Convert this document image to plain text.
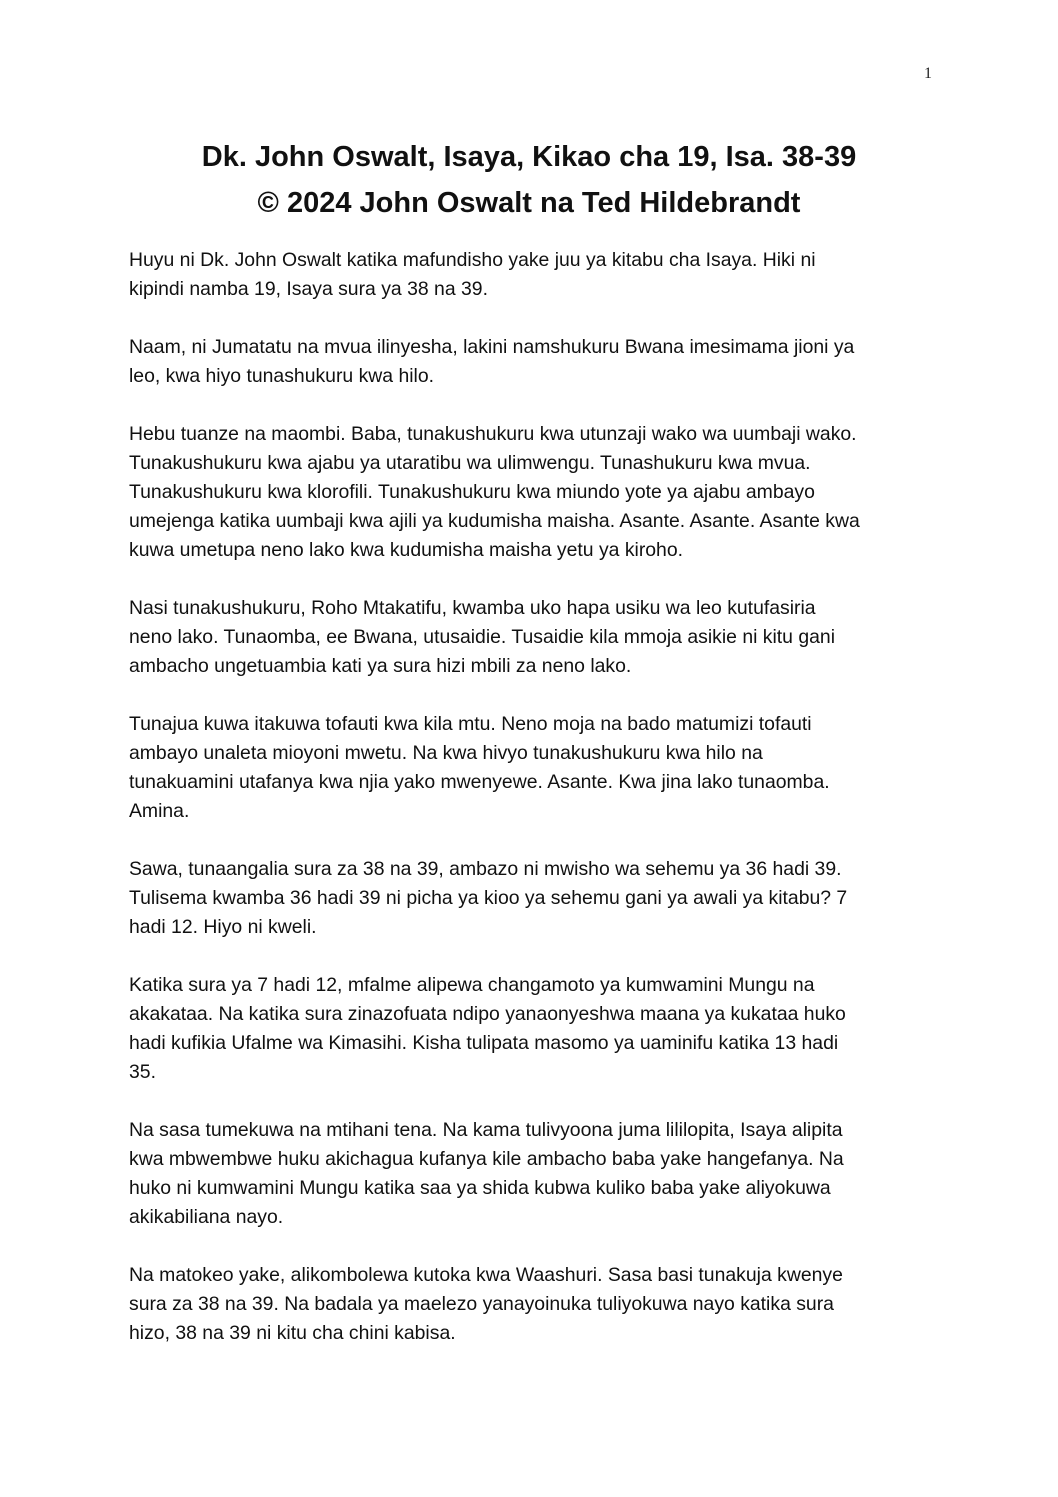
1
Dk. John Oswalt, Isaya, Kikao cha 19, Isa. 38-39
© 2024 John Oswalt na Ted Hildebrandt

Huyu ni Dk. John Oswalt katika mafundisho yake juu ya kitabu cha Isaya. Hiki ni
kipindi namba 19, Isaya sura ya 38 na 39.

Naam, ni Jumatatu na mvua ilinyesha, lakini namshukuru Bwana imesimama jioni ya
leo, kwa hiyo tunashukuru kwa hilo.

Hebu tuanze na maombi. Baba, tunakushukuru kwa utunzaji wako wa uumbaji wako.
Tunakushukuru kwa ajabu ya utaratibu wa ulimwengu. Tunashukuru kwa mvua.
Tunakushukuru kwa klorofili. Tunakushukuru kwa miundo yote ya ajabu ambayo
umejenga katika uumbaji kwa ajili ya kudumisha maisha. Asante. Asante. Asante kwa
kuwa umetupa neno lako kwa kudumisha maisha yetu ya kiroho.

Nasi tunakushukuru, Roho Mtakatifu, kwamba uko hapa usiku wa leo kutufasiria
neno lako. Tunaomba, ee Bwana, utusaidie. Tusaidie kila mmoja asikie ni kitu gani
ambacho ungetuambia kati ya sura hizi mbili za neno lako.

Tunajua kuwa itakuwa tofauti kwa kila mtu. Neno moja na bado matumizi tofauti
ambayo unaleta mioyoni mwetu. Na kwa hivyo tunakushukuru kwa hilo na
tunakuamini utafanya kwa njia yako mwenyewe. Asante. Kwa jina lako tunaomba.
Amina.

Sawa, tunaangalia sura za 38 na 39, ambazo ni mwisho wa sehemu ya 36 hadi 39.
Tulisema kwamba 36 hadi 39 ni picha ya kioo ya sehemu gani ya awali ya kitabu? 7
hadi 12. Hiyo ni kweli.

Katika sura ya 7 hadi 12, mfalme alipewa changamoto ya kumwamini Mungu na
akakataa. Na katika sura zinazofuata ndipo yanaonyeshwa maana ya kukataa huko
hadi kufikia Ufalme wa Kimasihi. Kisha tulipata masomo ya uaminifu katika 13 hadi
35.

Na sasa tumekuwa na mtihani tena. Na kama tulivyoona juma lililopita, Isaya alipita
kwa mbwembwe huku akichagua kufanya kile ambacho baba yake hangefanya. Na
huko ni kumwamini Mungu katika saa ya shida kubwa kuliko baba yake aliyokuwa
akikabiliana nayo.

Na matokeo yake, alikombolewa kutoka kwa Waashuri. Sasa basi tunakuja kwenye
sura za 38 na 39. Na badala ya maelezo yanayoinuka tuliyokuwa nayo katika sura
hizo, 38 na 39 ni kitu cha chini kabisa.
